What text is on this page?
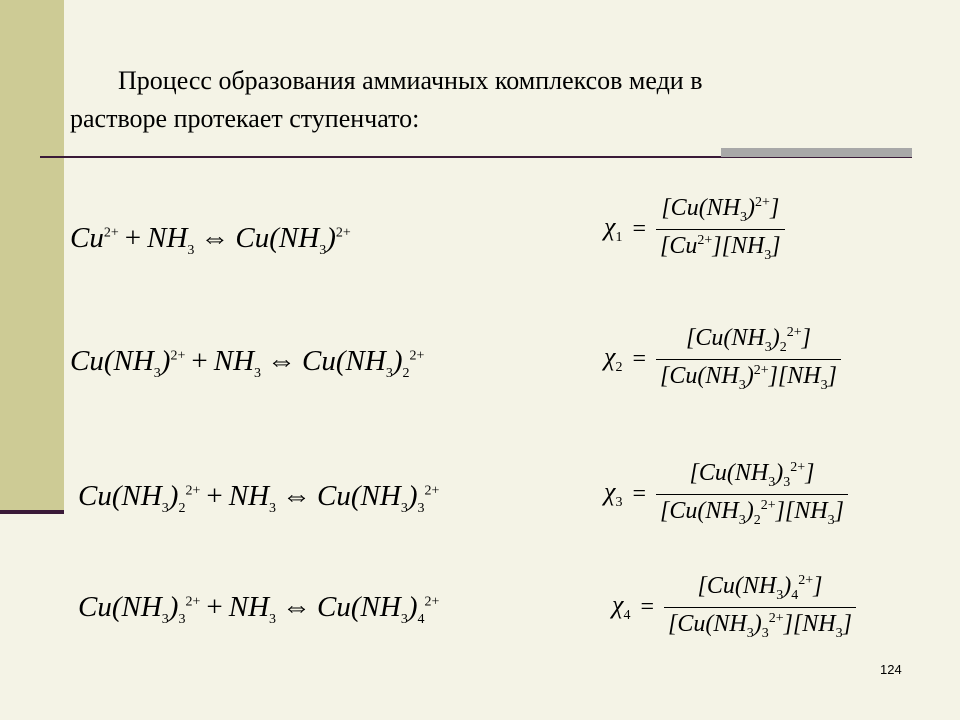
Процесс образования аммиачных комплексов меди в
растворе протекает ступенчато:
$Cu^{2+} + NH_3$ ⇔ $Cu(NH_3)^{2+}$
$Cu(NH_3)^{2+} + NH_3$ ⇔ $Cu(NH_3)_2^{2+}$
$Cu(NH_3)_2^{2+} + NH_3$ ⇔ $Cu(NH_3)_3^{2+}$
$Cu(NH_3)_3^{2+} + NH_3$ ⇔ $Cu(NH_3)_4^{2+}$
$\chi_1 = \frac{[Cu(NH_3)^{2+}]}{[Cu^{2+}][NH_3]}$
$\chi_2 = \frac{[Cu(NH_3)_2^{2+}]}{[Cu(NH_3)^{2+}][NH_3]}$
$\chi_3 = \frac{[Cu(NH_3)_3^{2+}]}{[Cu(NH_3)_2^{2+}][NH_3]}$
$\chi_4 = \frac{[Cu(NH_3)_4^{2+}]}{[Cu(NH_3)_3^{2+}][NH_3]}$
124
